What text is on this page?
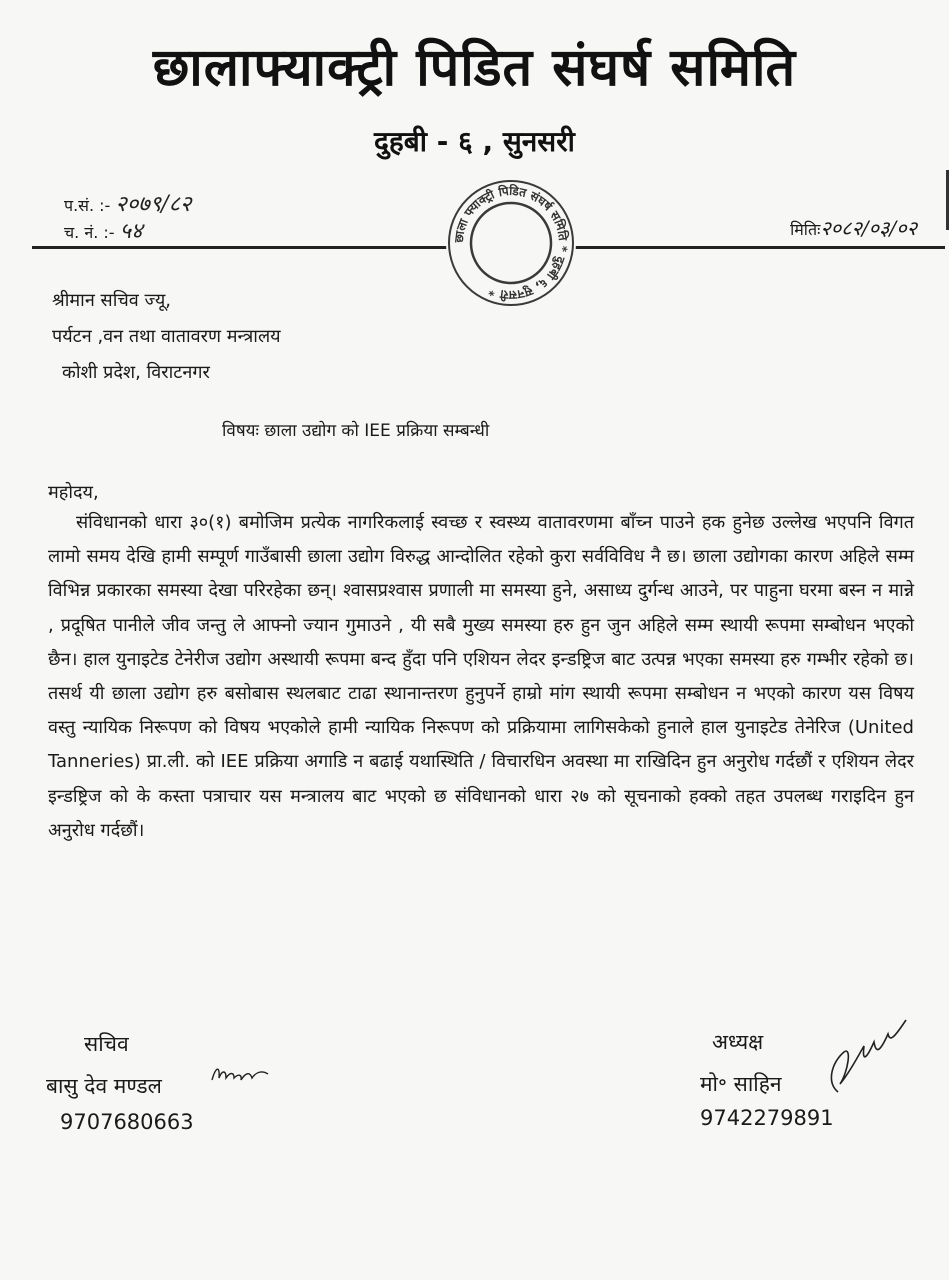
छालाफ्याक्ट्री पिडित संघर्ष समिति
दुहबी - ६ , सुनसरी
प.सं. :- २०७९/८२
च. नं. :- ५४	मितिः२०८२/०३/०२
छाला फ्याक्ट्री पिडित संघर्ष समिति * दुहबी ६, सुनसरी *
श्रीमान सचिव ज्यू,
पर्यटन ,वन तथा वातावरण मन्त्रालय
कोशी प्रदेश, विराटनगर
विषयः छाला उद्योग को IEE प्रक्रिया सम्बन्धी
महोदय,
संविधानको धारा ३०(१) बमोजिम प्रत्येक नागरिकलाई स्वच्छ र स्वस्थ्य वातावरणमा बाँच्न पाउने हक हुनेछ उल्लेख भएपनि विगत लामो समय देखि हामी सम्पूर्ण गाउँबासी छाला उद्योग विरुद्ध आन्दोलित रहेको कुरा सर्वविविध नै छ। छाला उद्योगका कारण अहिले सम्म विभिन्न प्रकारका समस्या देखा परिरहेका छन्। श्वासप्रश्वास प्रणाली मा समस्या हुने, असाध्य दुर्गन्ध आउने, पर पाहुना घरमा बस्न न मान्ने , प्रदूषित पानीले जीव जन्तु ले आफ्नो ज्यान गुमाउने , यी सबै मुख्य समस्या हरु हुन जुन अहिले सम्म स्थायी रूपमा सम्बोधन भएको छैन। हाल युनाइटेड टेनेरीज उद्योग अस्थायी रूपमा बन्द हुँदा पनि एशियन लेदर इन्डष्ट्रिज बाट उत्पन्न भएका समस्या हरु गम्भीर रहेको छ। तसर्थ यी छाला उद्योग हरु बसोबास स्थलबाट टाढा स्थानान्तरण हुनुपर्ने हाम्रो मांग स्थायी रूपमा सम्बोधन न भएको कारण यस विषय वस्तु न्यायिक निरूपण को विषय भएकोले हामी न्यायिक निरूपण को प्रक्रियामा लागिसकेको हुनाले हाल युनाइटेड तेनेरिज (United Tanneries) प्रा.ली. को IEE प्रक्रिया अगाडि न बढाई यथास्थिति / विचारधिन अवस्था मा राखिदिन हुन अनुरोध गर्दछौं र एशियन लेदर इन्डष्ट्रिज को के कस्ता पत्राचार यस मन्त्रालय बाट भएको छ संविधानको धारा २७ को सूचनाको हक्को तहत उपलब्ध गराइदिन हुन अनुरोध गर्दछौं।
सचिव
बासु देव मण्डल
9707680663
अध्यक्ष
मो॰ साहिन
9742279891
